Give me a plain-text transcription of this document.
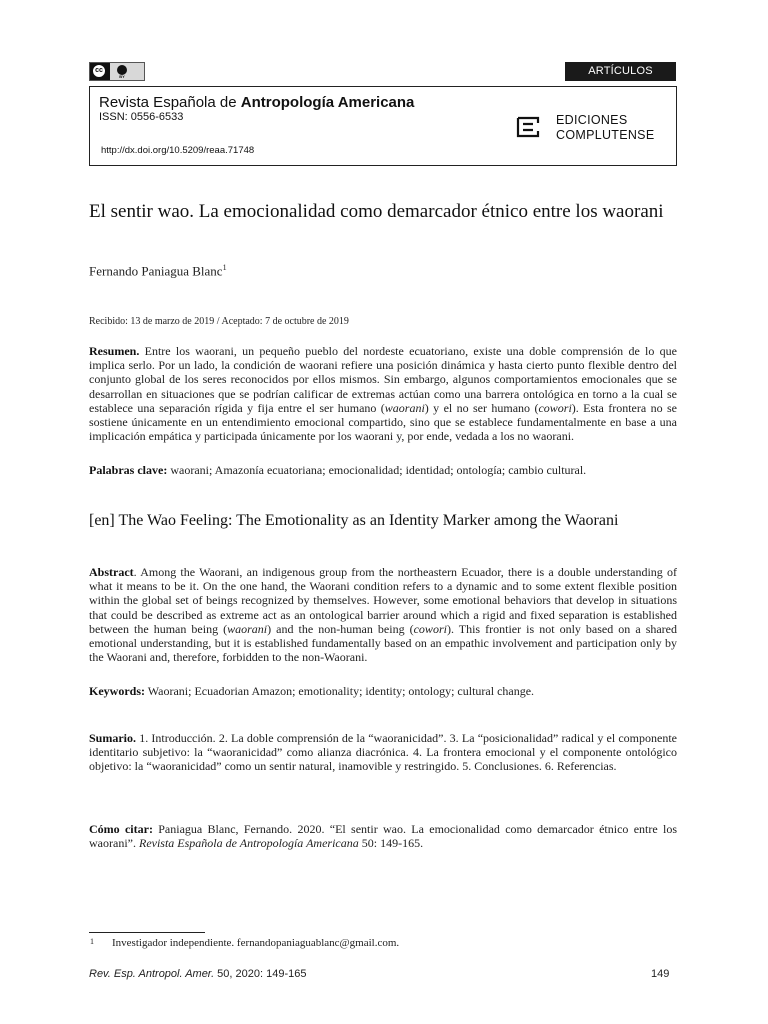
cc
BY	ARTÍCULOS
Revista Española de Antropología Americana
ISSN: 0556-6533
http://dx.doi.org/10.5209/reaa.71748
EDICIONES
COMPLUTENSE
El sentir wao. La emocionalidad como demarcador étnico entre los waorani
Fernando Paniagua Blanc$^1$
Recibido: 13 de marzo de 2019 / Aceptado: 7 de octubre de 2019
Resumen. Entre los waorani, un pequeño pueblo del nordeste ecuatoriano, existe una doble comprensión de lo que implica serlo. Por un lado, la condición de waorani refiere una posición dinámica y hasta cierto punto flexible dentro del conjunto global de los seres reconocidos por ellos mismos. Sin embargo, algunos comportamientos emocionales que se desarrollan en situaciones que se podrían calificar de extremas actúan como una barrera ontológica en torno a la cual se establece una separación rígida y fija entre el ser humano (waorani) y el no ser humano (cowori). Esta frontera no se sostiene únicamente en un entendimiento emocional compartido, sino que se establece fundamentalmente en base a una implicación empática y participada únicamente por los waorani y, por ende, vedada a los no waorani.
Palabras clave: waorani; Amazonía ecuatoriana; emocionalidad; identidad; ontología; cambio cultural.
[en] The Wao Feeling: The Emotionality as an Identity Marker among the Waorani
Abstract. Among the Waorani, an indigenous group from the northeastern Ecuador, there is a double understanding of what it means to be it. On the one hand, the Waorani condition refers to a dynamic and to some extent flexible position within the global set of beings recognized by themselves. However, some emotional behaviors that develop in situations that could be described as extreme act as an ontological barrier around which a rigid and fixed separation is established between the human being (waorani) and the non-human being (cowori). This frontier is not only based on a shared emotional understanding, but it is established fundamentally based on an empathic involvement and participation only by the Waorani and, therefore, forbidden to the non-Waorani.
Keywords: Waorani; Ecuadorian Amazon; emotionality; identity; ontology; cultural change.
Sumario. 1. Introducción. 2. La doble comprensión de la “waoranicidad”. 3. La “posicionalidad” radical y el componente identitario subjetivo: la “waoranicidad” como alianza diacrónica. 4. La frontera emocional y el componente ontológico objetivo: la “waoranicidad” como un sentir natural, inamovible y restringido. 5. Conclusiones. 6. Referencias.
Cómo citar: Paniagua Blanc, Fernando. 2020. “El sentir wao. La emocionalidad como demarcador étnico entre los waorani”. Revista Española de Antropología Americana 50: 149-165.
1 Investigador independiente. fernandopaniaguablanc@gmail.com.
Rev. Esp. Antropol. Amer. 50, 2020: 149-165	149
